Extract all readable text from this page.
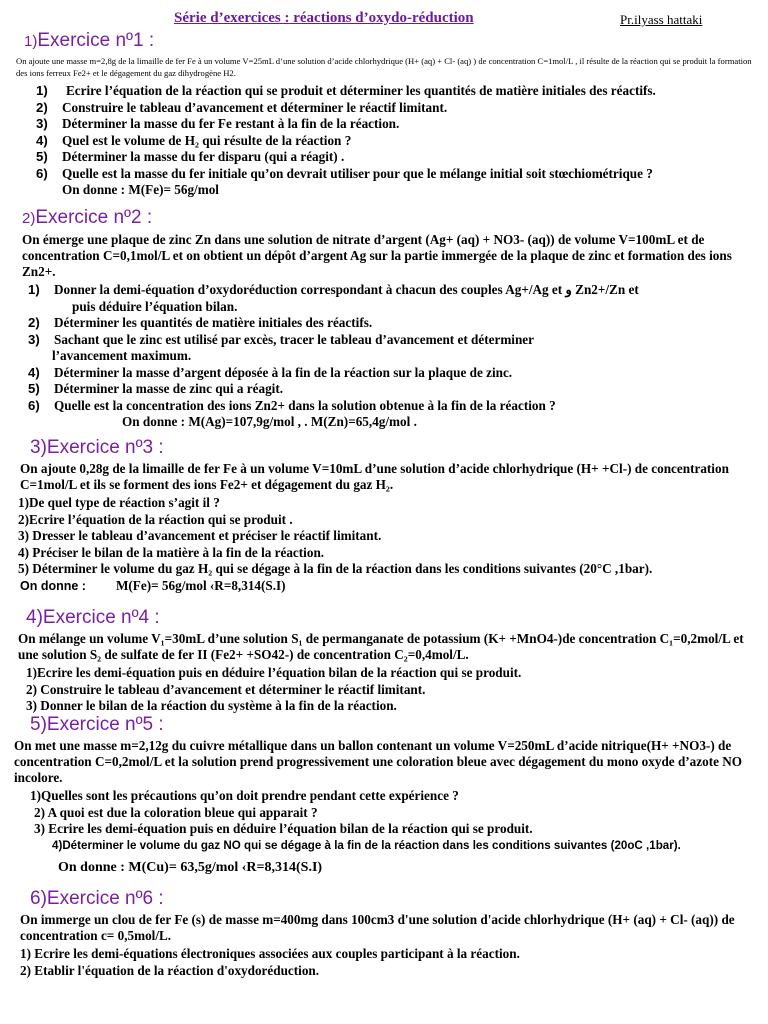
Série d’exercices : réactions d’oxydo-réduction	Pr.ilyass hattaki
1)Exercice nº1 :

On ajoute une masse m=2,8g de la limaille de fer Fe à un volume V=25mL d’une solution d’acide chlorhydrique (H+ (aq) + Cl- (aq) ) de concentration C=1mol/L , il résulte de la réaction qui se produit la formation des ions ferreux Fe2+ et le dégagement du gaz dihydrogène H2.

1) Ecrire l’équation de la réaction qui se produit et déterminer les quantités de matière initiales des réactifs.
2) Construire le tableau d’avancement et déterminer le réactif limitant.
3) Déterminer la masse du fer Fe restant à la fin de la réaction.
4) Quel est le volume de H₂ qui résulte de la réaction ?
5) Déterminer la masse du fer disparu (qui a réagit) .
6) Quelle est la masse du fer initiale qu’on devrait utiliser pour que le mélange initial soit stœchiométrique ?
On donne : M(Fe)= 56g/mol
2)Exercice nº2 :

On émerge une plaque de zinc Zn dans une solution de nitrate d’argent (Ag+ (aq) + NO3- (aq)) de volume V=100mL et de concentration C=0,1mol/L et on obtient un dépôt d’argent Ag sur la partie immergée de la plaque de zinc et formation des ions Zn2+.

1) Donner la demi-équation d’oxydoréduction correspondant à chacun des couples Ag+/Ag et و Zn2+/Zn et
puis déduire l’équation bilan.
2) Déterminer les quantités de matière initiales des réactifs.
3) Sachant que le zinc est utilisé par excès, tracer le tableau d’avancement et déterminer
l’avancement maximum.
4) Déterminer la masse d’argent déposée à la fin de la réaction sur la plaque de zinc.
5) Déterminer la masse de zinc qui a réagit.
6) Quelle est la concentration des ions Zn2+ dans la solution obtenue à la fin de la réaction ?
On donne : M(Ag)=107,9g/mol , . M(Zn)=65,4g/mol .
3)Exercice nº3 :

On ajoute 0,28g de la limaille de fer Fe à un volume V=10mL d’une solution d’acide chlorhydrique (H+ +Cl-) de concentration C=1mol/L et ils se forment des ions Fe2+ et dégagement du gaz H₂.

1)De quel type de réaction s’agit il ?
2)Ecrire l’équation de la réaction qui se produit .
3) Dresser le tableau d’avancement et préciser le réactif limitant.
4) Préciser le bilan de la matière à la fin de la réaction.
5) Déterminer le volume du gaz H₂ qui se dégage à la fin de la réaction dans les conditions suivantes (20°C ,1bar).
On donne : M(Fe)= 56g/mol ‹R=8,314(S.I)
4)Exercice nº4 :

On mélange un volume V₁=30mL d’une solution S₁ de permanganate de potassium (K+ +MnO4-)de concentration C₁=0,2mol/L et une solution S₂ de sulfate de fer II (Fe2+ +SO42-) de concentration C₂=0,4mol/L.

1)Ecrire les demi-équation puis en déduire l’équation bilan de la réaction qui se produit.
2) Construire le tableau d’avancement et déterminer le réactif limitant.
3) Donner le bilan de la réaction du système à la fin de la réaction.
5)Exercice nº5 :

On met une masse m=2,12g du cuivre métallique dans un ballon contenant un volume V=250mL d’acide nitrique(H+ +NO3-) de concentration C=0,2mol/L et la solution prend progressivement une coloration bleue avec dégagement du mono oxyde d’azote NO incolore.

1)Quelles sont les précautions qu’on doit prendre pendant cette expérience ?
2) A quoi est due la coloration bleue qui apparait ?
3) Ecrire les demi-équation puis en déduire l’équation bilan de la réaction qui se produit.
4)Déterminer le volume du gaz NO qui se dégage à la fin de la réaction dans les conditions suivantes (20oC ,1bar).
On donne : M(Cu)= 63,5g/mol ‹R=8,314(S.I)
6)Exercice nº6 :

On immerge un clou de fer Fe (s) de masse m=400mg dans 100cm3 d'une solution d'acide chlorhydrique (H+ (aq) + Cl- (aq)) de concentration c= 0,5mol/L.

1) Ecrire les demi-équations électroniques associées aux couples participant à la réaction.
2) Etablir l'équation de la réaction d'oxydoréduction.
